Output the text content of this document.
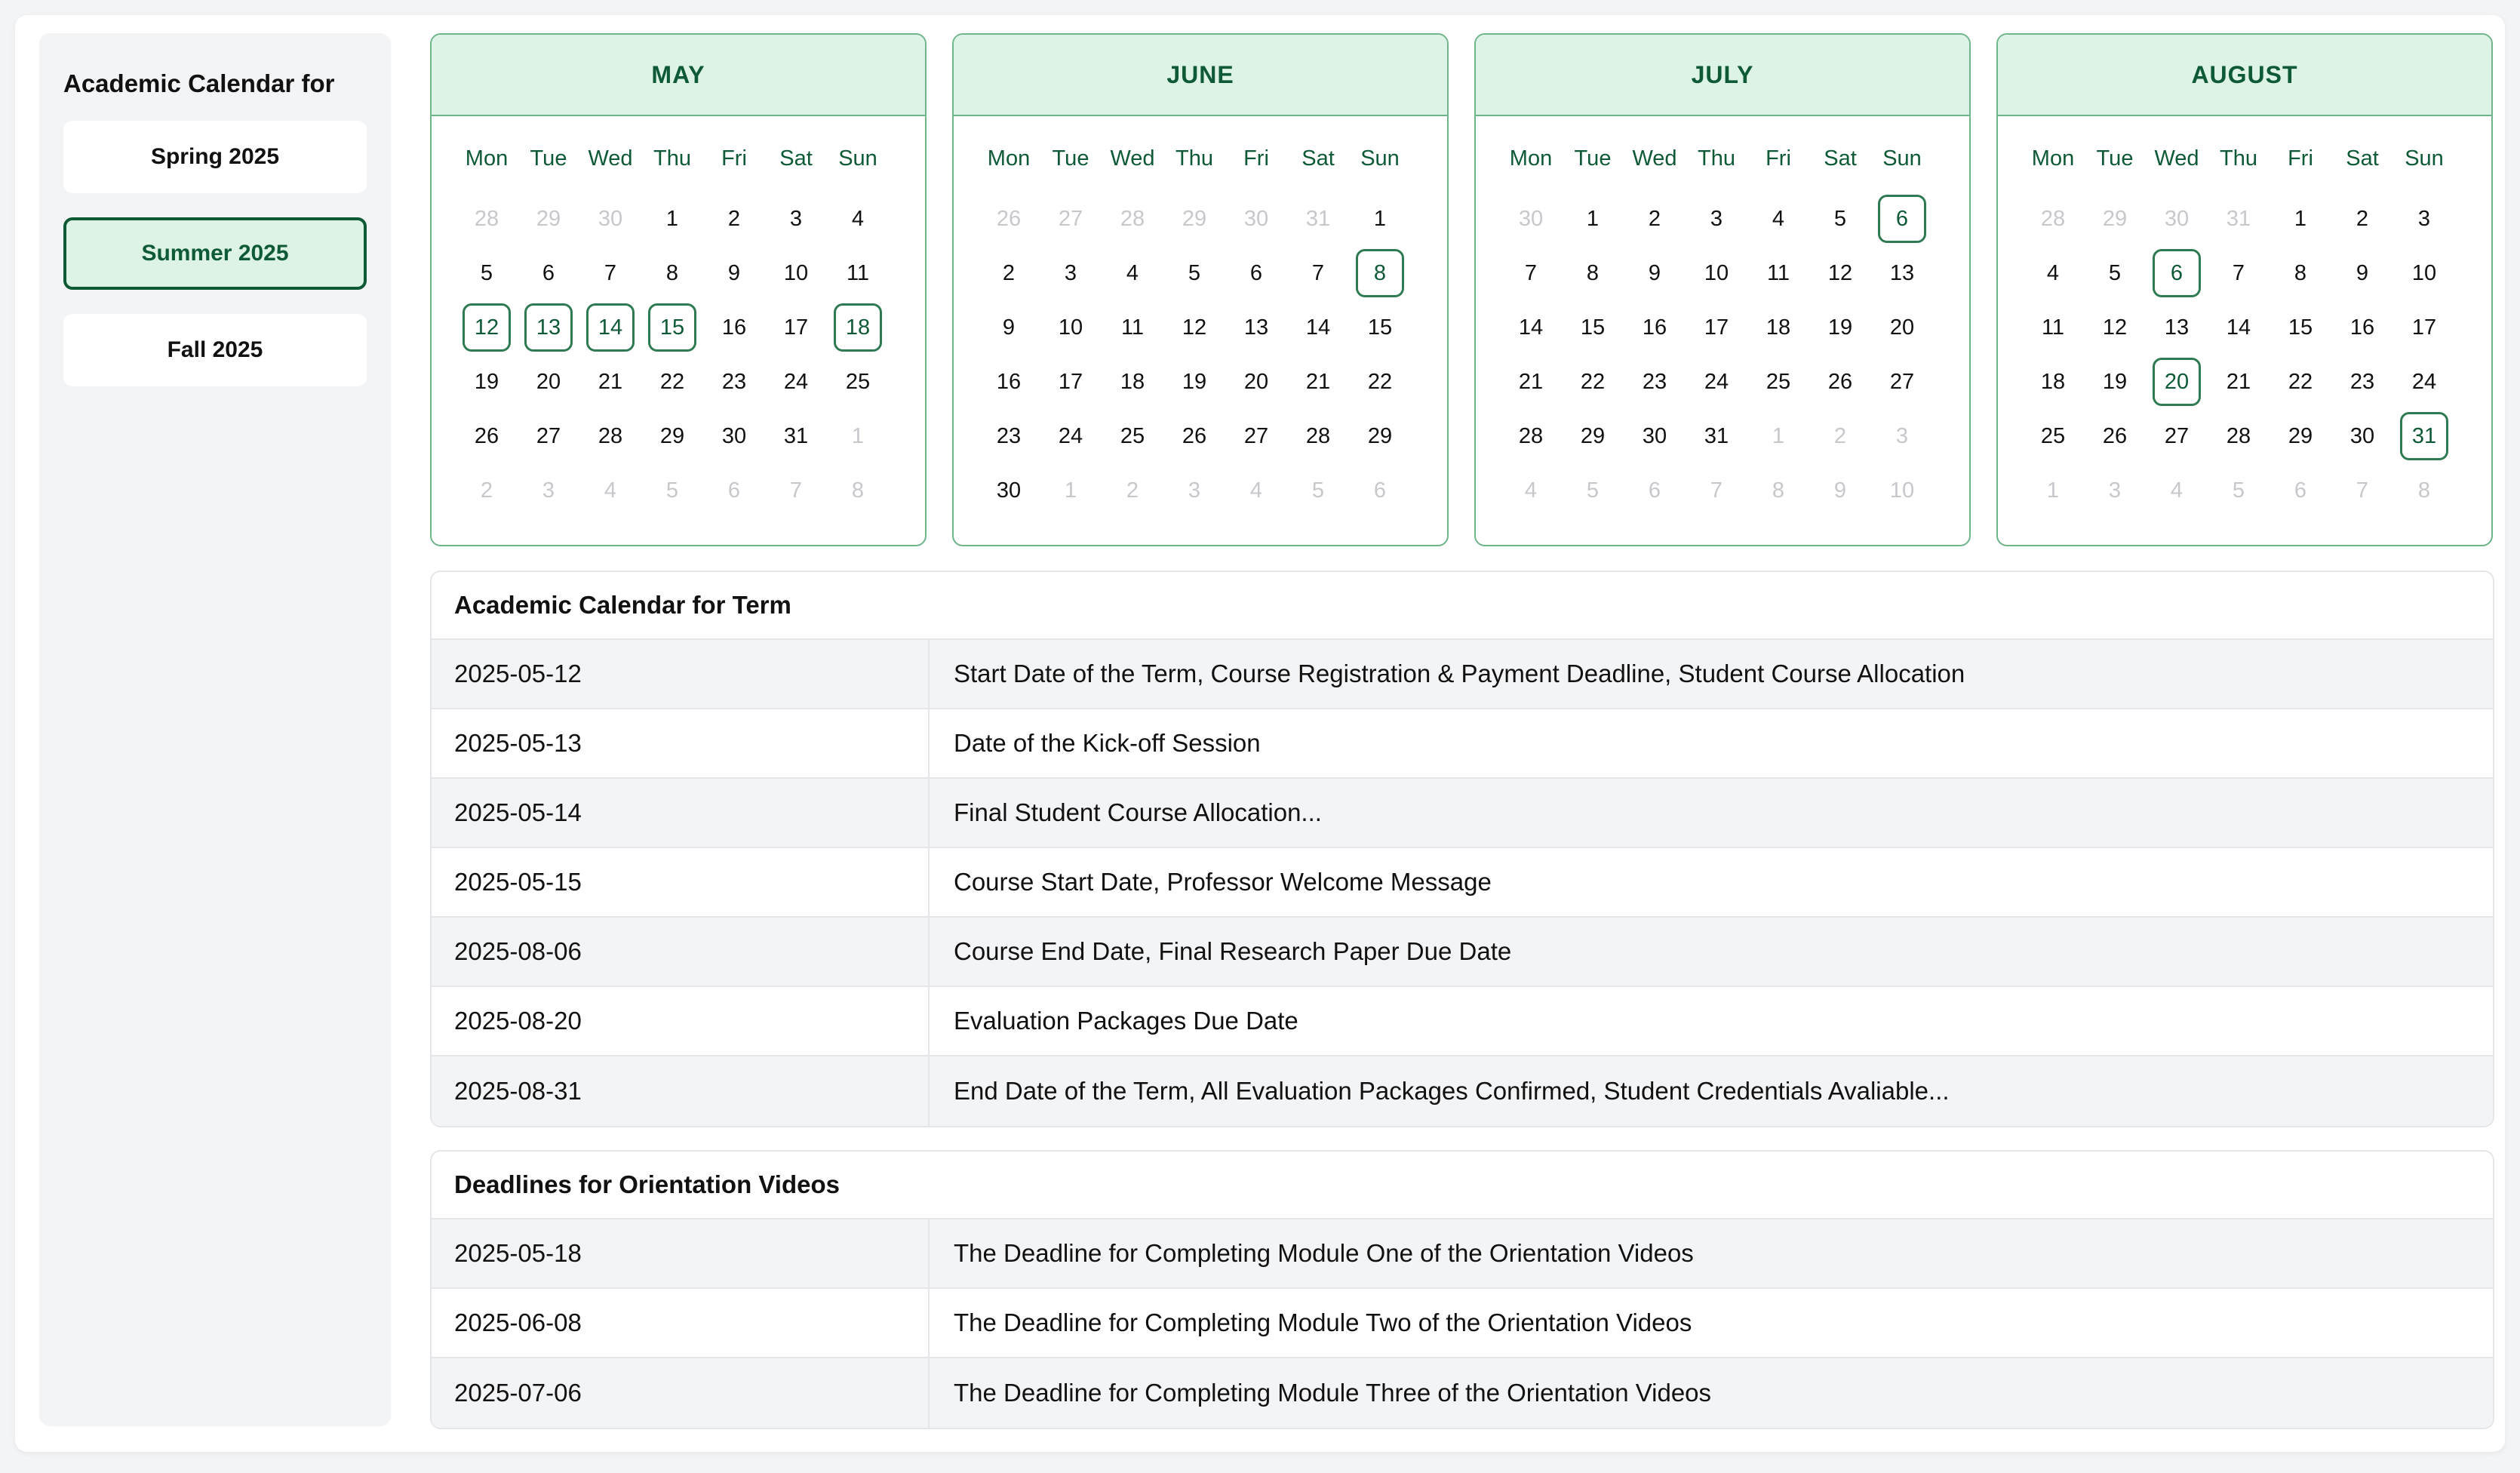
Academic Calendar for
Spring 2025
Summer 2025
Fall 2025
MAY
Mon	Tue Wed Thu	Fri	Sat	Sun
28	29	30	1	2	3	4
5	6	7	8	9	10	11
12	13	14	15	16	17	18
19	20	21	22	23	24	25
26	27	28	29	30	31	1
2	3	4	5	6	7	8
JUNE
Mon	Tue Wed Thu	Fri	Sat	Sun
26	27	28	29	30	31	1
2	3	4	5	6	7	8
9	10	11	12	13	14	15
16	17	18	19	20	21	22
23	24	25	26	27	28	29
30	1	2	3	4	5	6
JULY
Mon	Tue Wed Thu	Fri	Sat	Sun
30	1	2	3	4	5	6
7	8	9	10	11	12	13
14	15	16	17	18	19	20
21	22	23	24	25	26	27
28	29	30	31	1	2	3
4	5	6	7	8	9	10
AUGUST
Mon	Tue Wed Thu	Fri	Sat	Sun
28	29	30	31	1	2	3
4	5	6	7	8	9	10
11	12	13	14	15	16	17
18	19	20	21	22	23	24
25	26	27	28	29	30	31
1	3	4	5	6	7	8
Academic Calendar for Term
2025-05-12	Start Date of the Term, Course Registration & Payment Deadline, Student Course Allocation
2025-05-13	Date of the Kick-off Session
2025-05-14	Final Student Course Allocation...
2025-05-15	Course Start Date, Professor Welcome Message
2025-08-06	Course End Date, Final Research Paper Due Date
2025-08-20	Evaluation Packages Due Date
2025-08-31	End Date of the Term, All Evaluation Packages Confirmed, Student Credentials Avaliable...
Deadlines for Orientation Videos
2025-05-18	The Deadline for Completing Module One of the Orientation Videos
2025-06-08	The Deadline for Completing Module Two of the Orientation Videos
2025-07-06	The Deadline for Completing Module Three of the Orientation Videos
